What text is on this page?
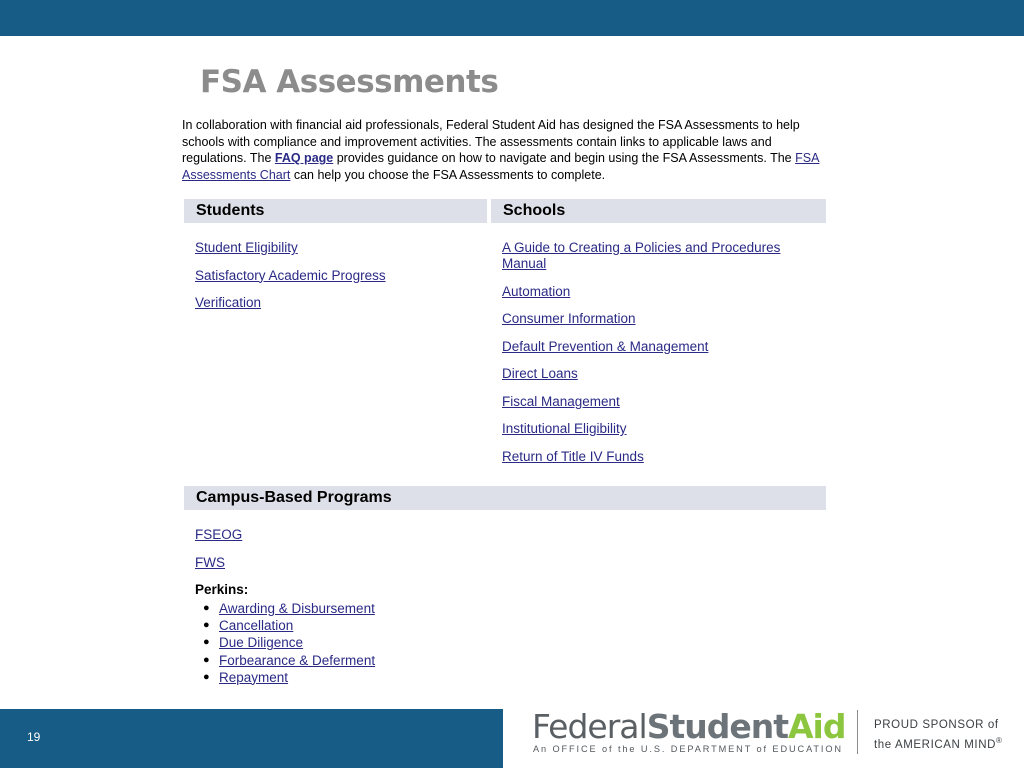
FSA Assessments
In collaboration with financial aid professionals, Federal Student Aid has designed the FSA Assessments to help schools with compliance and improvement activities. The assessments contain links to applicable laws and regulations. The FAQ page provides guidance on how to navigate and begin using the FSA Assessments. The FSA Assessments Chart can help you choose the FSA Assessments to complete.
Students
Student Eligibility
Satisfactory Academic Progress
Verification
Schools
A Guide to Creating a Policies and Procedures Manual
Automation
Consumer Information
Default Prevention & Management
Direct Loans
Fiscal Management
Institutional Eligibility
Return of Title IV Funds
Campus-Based Programs
FSEOG
FWS
Perkins:
● Awarding & Disbursement
● Cancellation
● Due Diligence
● Forbearance & Deferment
● Repayment
19	FederalStudentAid
An OFFICE of the U.S. DEPARTMENT of EDUCATION
PROUD SPONSOR of
the AMERICAN MIND®
